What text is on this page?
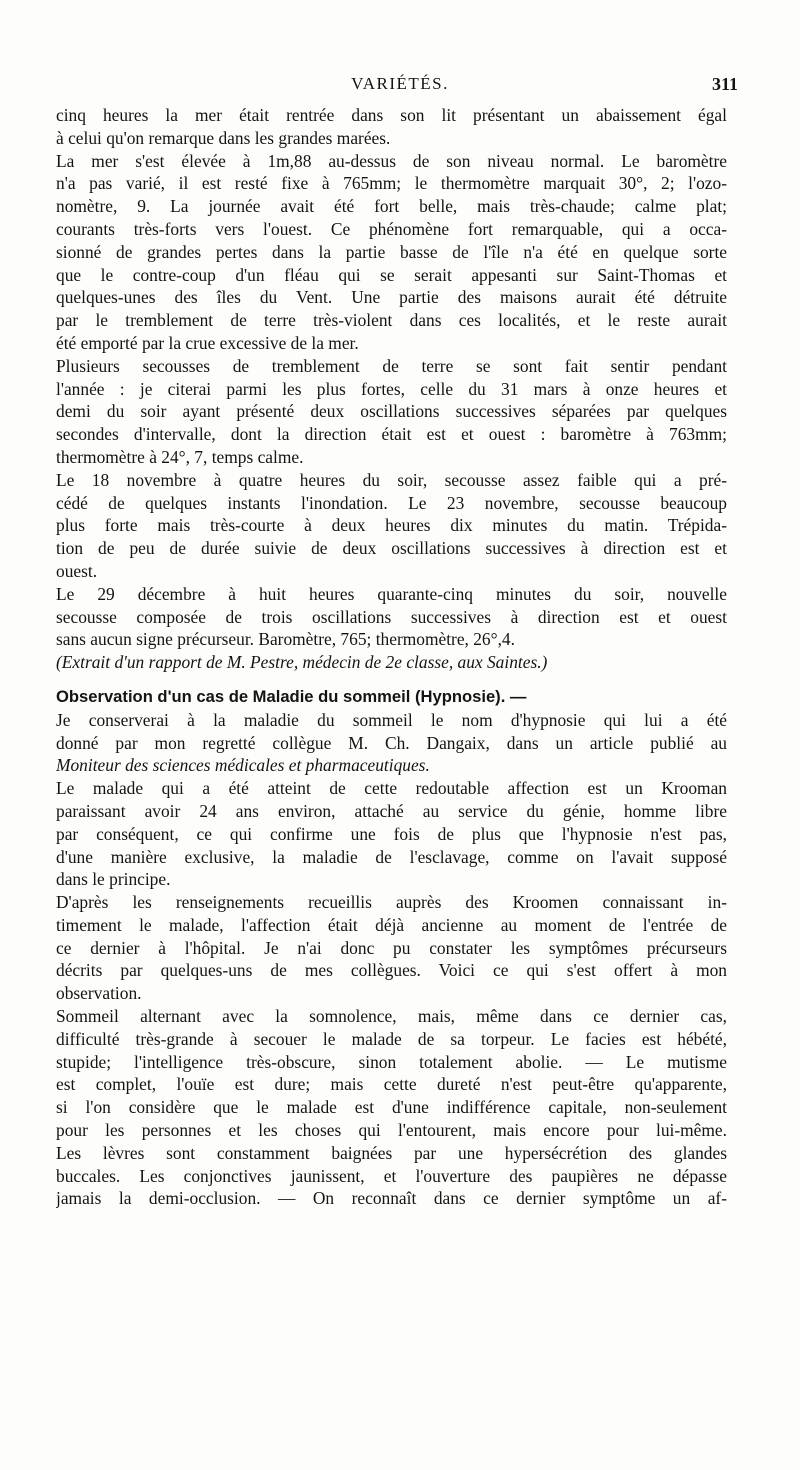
VARIÉTÉS.	311
cinq heures la mer était rentrée dans son lit présentant un abaissement égal
à celui qu'on remarque dans les grandes marées.
La mer s'est élevée à 1m,88 au-dessus de son niveau normal. Le baromètre
n'a pas varié, il est resté fixe à 765mm; le thermomètre marquait 30°, 2; l'ozo-
nomètre, 9. La journée avait été fort belle, mais très-chaude; calme plat;
courants très-forts vers l'ouest. Ce phénomène fort remarquable, qui a occa-
sionné de grandes pertes dans la partie basse de l'île n'a été en quelque sorte
que le contre-coup d'un fléau qui se serait appesanti sur Saint-Thomas et
quelques-unes des îles du Vent. Une partie des maisons aurait été détruite
par le tremblement de terre très-violent dans ces localités, et le reste aurait
été emporté par la crue excessive de la mer.
Plusieurs secousses de tremblement de terre se sont fait sentir pendant
l'année : je citerai parmi les plus fortes, celle du 31 mars à onze heures et
demi du soir ayant présenté deux oscillations successives séparées par quelques
secondes d'intervalle, dont la direction était est et ouest : baromètre à 763mm;
thermomètre à 24°, 7, temps calme.
Le 18 novembre à quatre heures du soir, secousse assez faible qui a pré-
cédé de quelques instants l'inondation. Le 23 novembre, secousse beaucoup
plus forte mais très-courte à deux heures dix minutes du matin. Trépida-
tion de peu de durée suivie de deux oscillations successives à direction est et
ouest.
Le 29 décembre à huit heures quarante-cinq minutes du soir, nouvelle
secousse composée de trois oscillations successives à direction est et ouest
sans aucun signe précurseur. Baromètre, 765; thermomètre, 26°,4.
(Extrait d'un rapport de M. Pestre, médecin de 2e classe, aux Saintes.)
Observation d'un cas de Maladie du sommeil (Hypnosie). —
Je conserverai à la maladie du sommeil le nom d'hypnosie qui lui a été
donné par mon regretté collègue M. Ch. Dangaix, dans un article publié au
Moniteur des sciences médicales et pharmaceutiques.
Le malade qui a été atteint de cette redoutable affection est un Krooman
paraissant avoir 24 ans environ, attaché au service du génie, homme libre
par conséquent, ce qui confirme une fois de plus que l'hypnosie n'est pas,
d'une manière exclusive, la maladie de l'esclavage, comme on l'avait supposé
dans le principe.
D'après les renseignements recueillis auprès des Kroomen connaissant in-
timement le malade, l'affection était déjà ancienne au moment de l'entrée de
ce dernier à l'hôpital. Je n'ai donc pu constater les symptômes précurseurs
décrits par quelques-uns de mes collègues. Voici ce qui s'est offert à mon
observation.
Sommeil alternant avec la somnolence, mais, même dans ce dernier cas,
difficulté très-grande à secouer le malade de sa torpeur. Le facies est hébété,
stupide; l'intelligence très-obscure, sinon totalement abolie. — Le mutisme
est complet, l'ouïe est dure; mais cette dureté n'est peut-être qu'apparente,
si l'on considère que le malade est d'une indifférence capitale, non-seulement
pour les personnes et les choses qui l'entourent, mais encore pour lui-même.
Les lèvres sont constamment baignées par une hypersécrétion des glandes
buccales. Les conjonctives jaunissent, et l'ouverture des paupières ne dépasse
jamais la demi-occlusion. — On reconnaît dans ce dernier symptôme un af-
